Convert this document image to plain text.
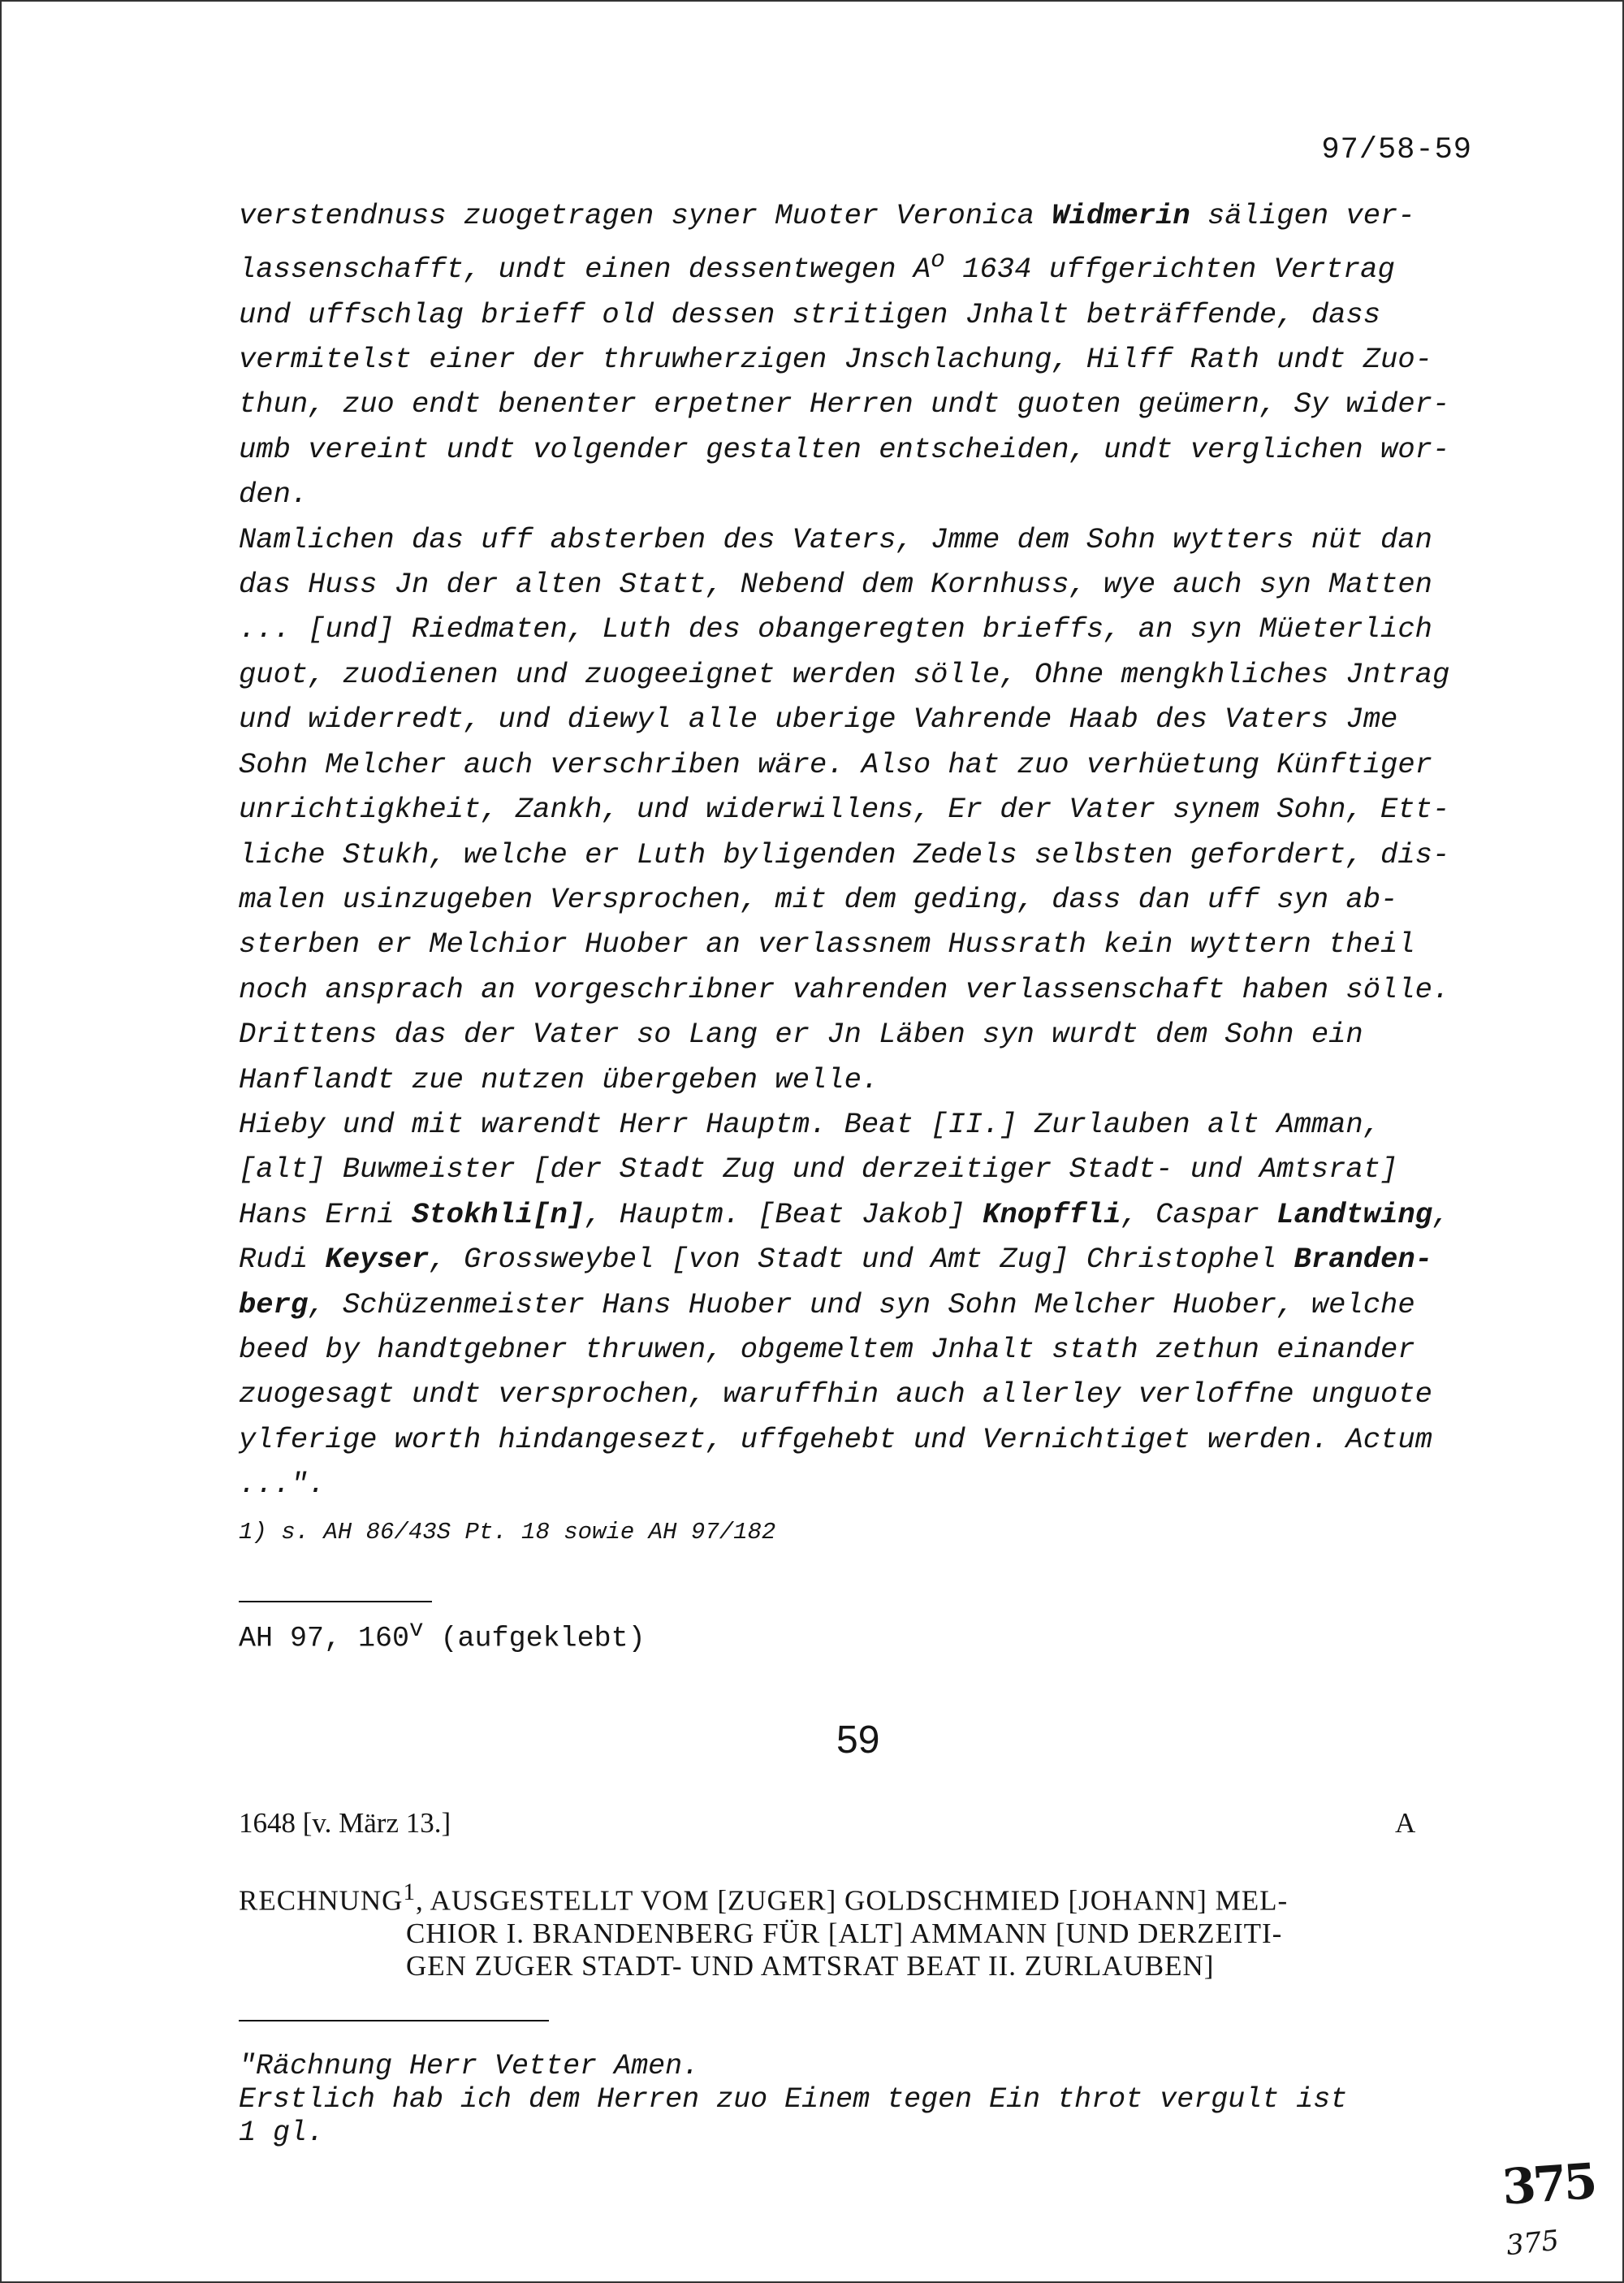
97/58-59
verstendnuss zuogetragen syner Muoter Veronica Widmerin säligen ver-
lassenschafft, undt einen dessentwegen $A^o$ 1634 uffgerichten Vertrag
und uffschlag brieff old dessen stritigen Jnhalt beträffende, dass
vermitelst einer der thruwherzigen Jnschlachung, Hilff Rath undt Zuo-
thun, zuo endt benenter erpetner Herren undt guoten geümern, Sy wider-
umb vereint undt volgender gestalten entscheiden, undt verglichen wor-
den.
Namlichen das uff absterben des Vaters, Jmme dem Sohn wytters nüt dan
das Huss Jn der alten Statt, Nebend dem Kornhuss, wye auch syn Matten
... [und] Riedmaten, Luth des obangeregten brieffs, an syn Müeterlich
guot, zuodienen und zuogeeignet werden sölle, Ohne mengkhliches Jntrag
und widerredt, und diewyl alle uberige Vahrende Haab des Vaters Jme
Sohn Melcher auch verschriben wäre. Also hat zuo verhüetung Künftiger
unrichtigkheit, Zankh, und widerwillens, Er der Vater synem Sohn, Ett-
liche Stukh, welche er Luth byligenden Zedels selbsten gefordert, dis-
malen usinzugeben Versprochen, mit dem geding, dass dan uff syn ab-
sterben er Melchior Huober an verlassnem Hussrath kein wyttern theil
noch ansprach an vorgeschribner vahrenden verlassenschaft haben sölle.
Drittens das der Vater so Lang er Jn Läben syn wurdt dem Sohn ein
Hanflandt zue nutzen übergeben welle.
Hieby und mit warendt Herr Hauptm. Beat [II.] Zurlauben alt Amman,
[alt] Buwmeister [der Stadt Zug und derzeitiger Stadt- und Amtsrat]
Hans Erni Stokhli[n], Hauptm. [Beat Jakob] Knopffli, Caspar Landtwing,
Rudi Keyser, Grossweybel [von Stadt und Amt Zug] Christophel Branden-
berg, Schüzenmeister Hans Huober und syn Sohn Melcher Huober, welche
beed by handtgebner thruwen, obgemeltem Jnhalt stath zethun einander
zuogesagt undt versprochen, waruffhin auch allerley verloffne unguote
ylferige worth hindangesezt, uffgehebt und Vernichtiget werden. Actum
...".
1) s. AH 86/43S Pt. 18 sowie AH 97/182
AH 97, 160$^v$ (aufgeklebt)
59
1648 [v. März 13.]	A
RECHNUNG$^1$, AUSGESTELLT VOM [ZUGER] GOLDSCHMIED [JOHANN] MEL-
CHIOR I. BRANDENBERG FÜR [ALT] AMMANN [UND DERZEITI-
GEN ZUGER STADT- UND AMTSRAT BEAT II. ZURLAUBEN]
"Rächnung Herr Vetter Amen.
Erstlich hab ich dem Herren zuo Einem tegen Ein throt vergult ist
1 gl.
375
375
